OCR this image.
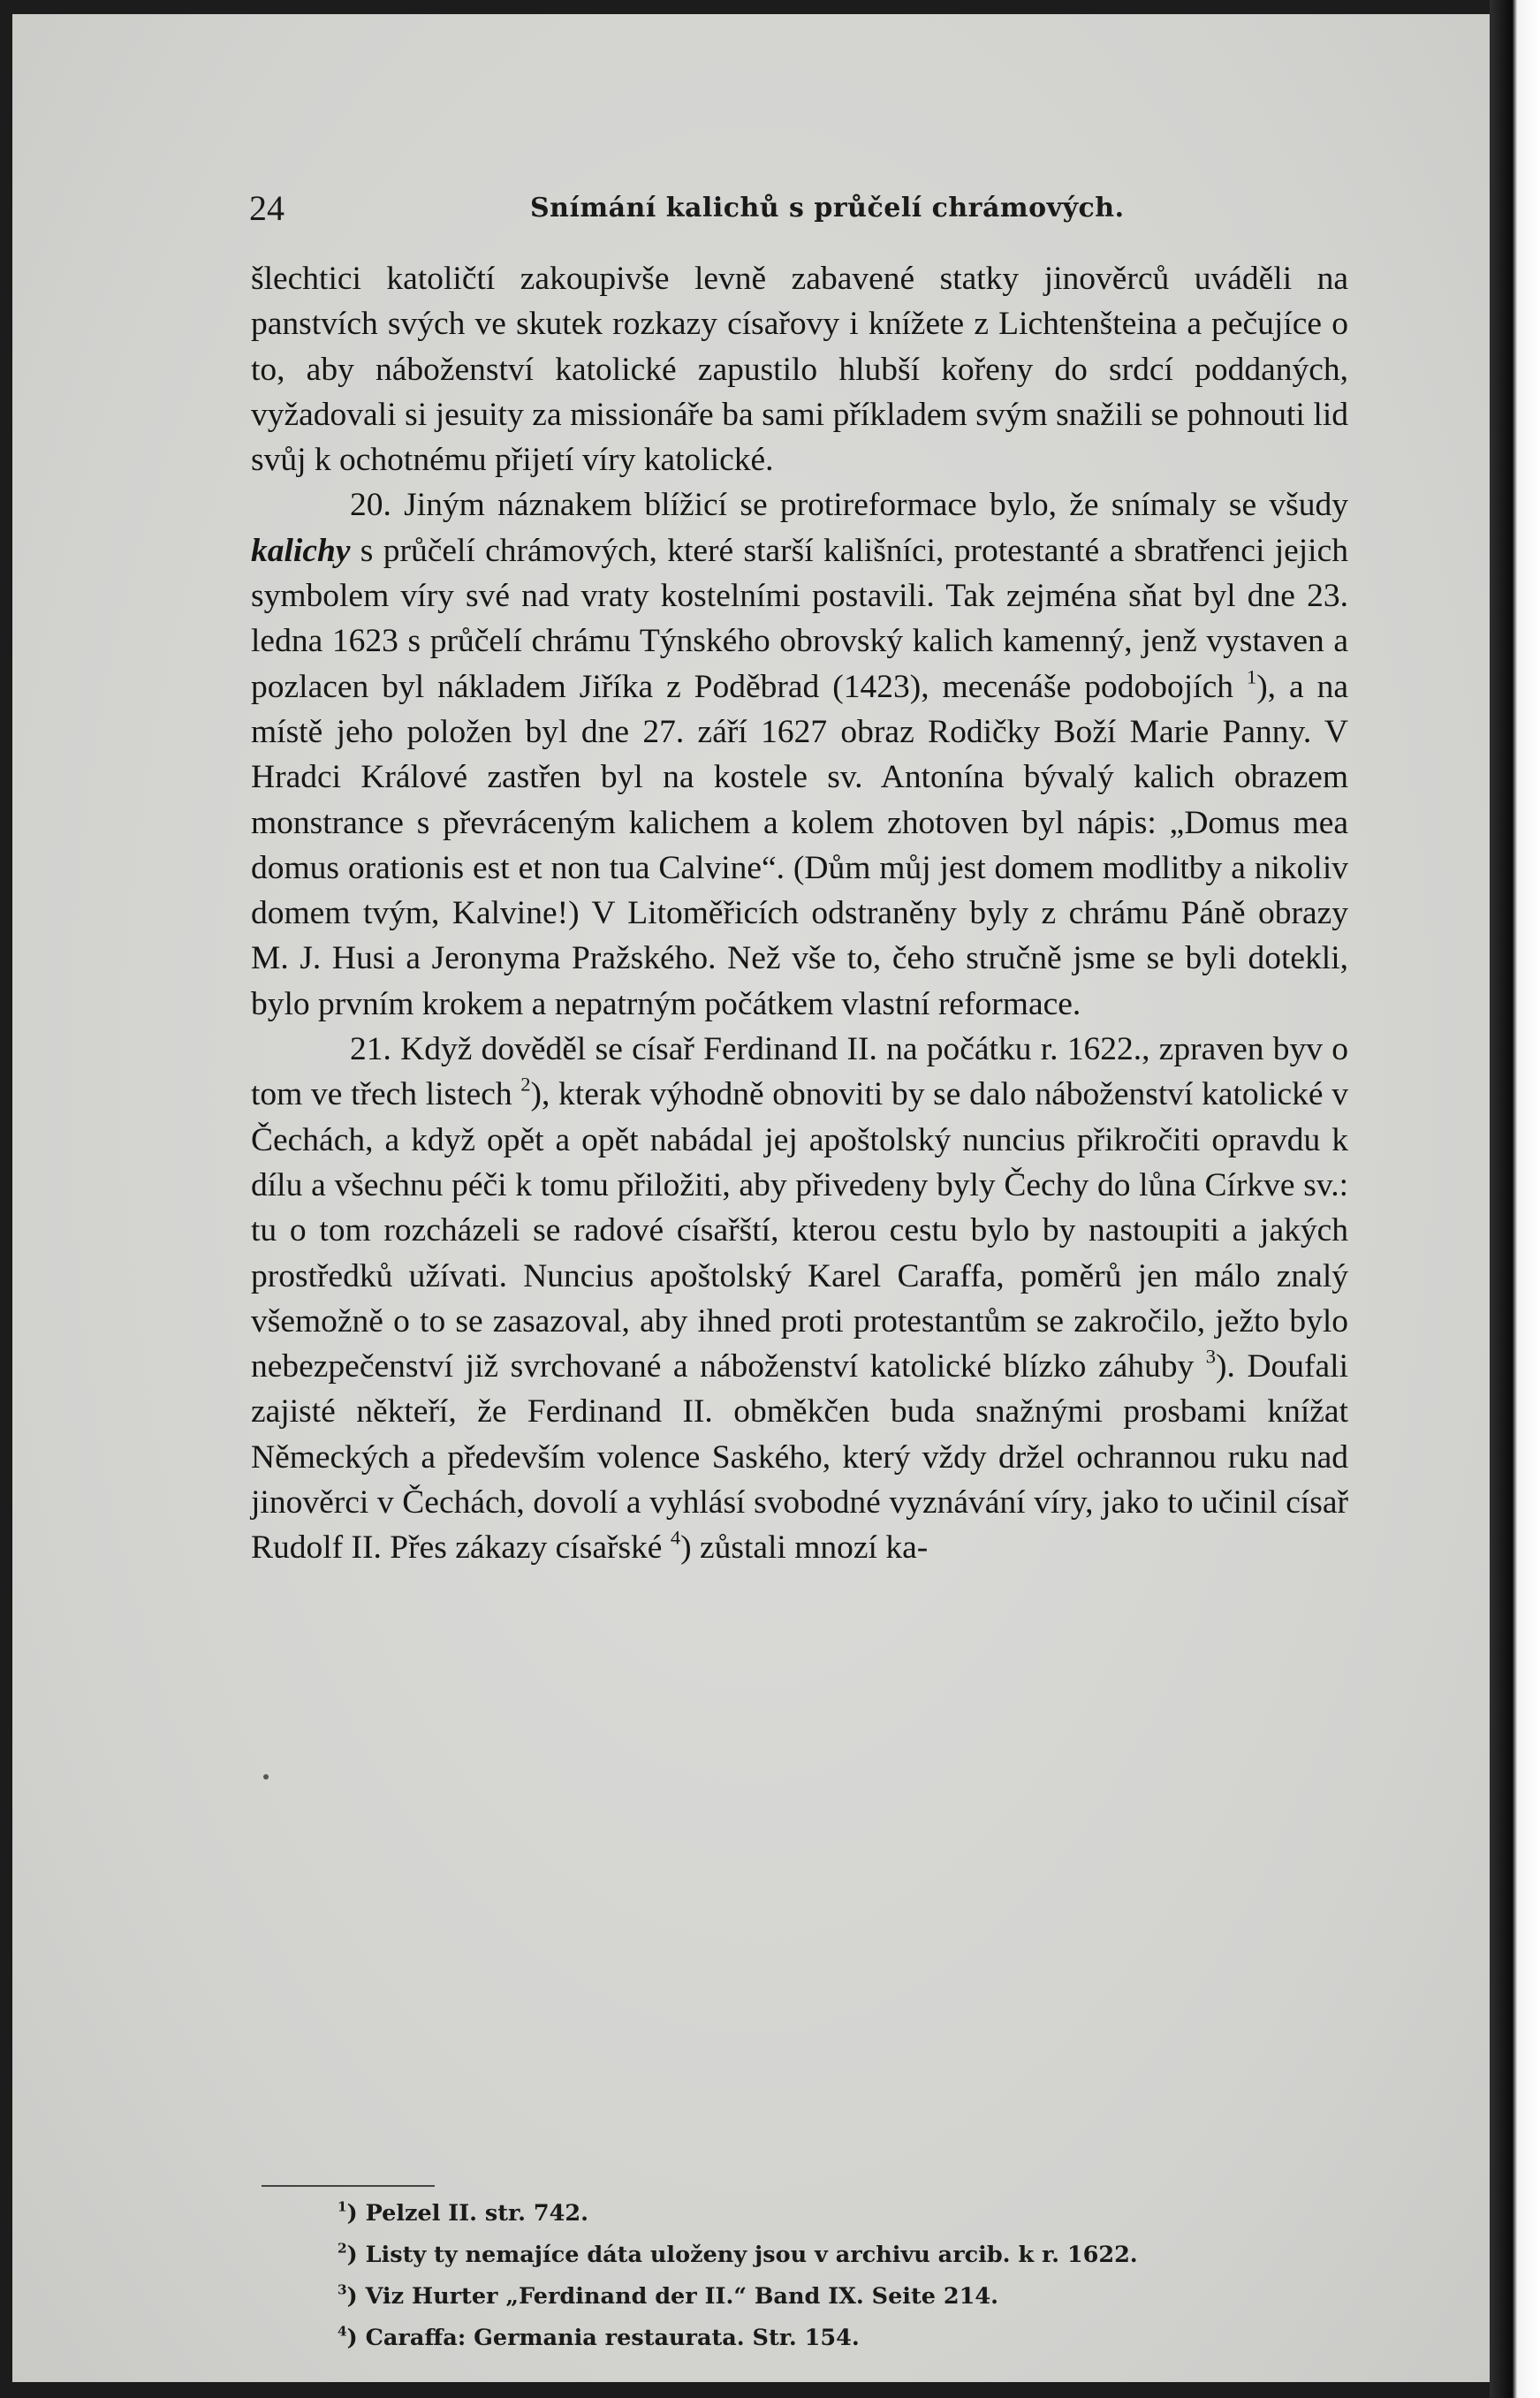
24	Snímání kalichů s průčelí chrámových.

šlechtici katoličtí zakoupivše levně zabavené statky jinověrců uváděli na panstvích svých ve skutek rozkazy císařovy i knížete z Lichtenšteina a pečujíce o to, aby náboženství katolické zapustilo hlubší kořeny do srdcí poddaných, vyžadovali si jesuity za missionáře ba sami příkladem svým snažili se pohnouti lid svůj k ochotnému přijetí víry katolické.

20. Jiným náznakem blížicí se protireformace bylo, že snímaly se všudy kalichy s průčelí chrámových, které starší kališníci, protestanté a sbratřenci jejich symbolem víry své nad vraty kostelními postavili. Tak zejména sňat byl dne 23. ledna 1623 s průčelí chrámu Týnského obrovský kalich kamenný, jenž vystaven a pozlacen byl nákladem Jiříka z Poděbrad (1423), mecenáše podobojích $^1$), a na místě jeho položen byl dne 27. září 1627 obraz Rodičky Boží Marie Panny. V Hradci Králové zastřen byl na kostele sv. Antonína bývalý kalich obrazem monstrance s převráceným kalichem a kolem zhotoven byl nápis: „Domus mea domus orationis est et non tua Calvine“. (Dům můj jest domem modlitby a nikoliv domem tvým, Kalvine!) V Litoměřicích odstraněny byly z chrámu Páně obrazy M. J. Husi a Jeronyma Pražského. Než vše to, čeho stručně jsme se byli dotekli, bylo prvním krokem a nepatrným počátkem vlastní reformace.

21. Když dověděl se císař Ferdinand II. na počátku r. 1622., zpraven byv o tom ve třech listech $^2$), kterak výhodně obnoviti by se dalo náboženství katolické v Čechách, a když opět a opět nabádal jej apoštolský nuncius přikročiti opravdu k dílu a všechnu péči k tomu přiložiti, aby přivedeny byly Čechy do lůna Církve sv.: tu o tom rozcházeli se radové císařští, kterou cestu bylo by nastoupiti a jakých prostředků užívati. Nuncius apoštolský Karel Caraffa, poměrů jen málo znalý všemožně o to se zasazoval, aby ihned proti protestantům se zakročilo, ježto bylo nebezpečenství již svrchované a náboženství katolické blízko záhuby $^3$). Doufali zajisté někteří, že Ferdinand II. obměkčen buda snažnými prosbami knížat Německých a především volence Saského, který vždy držel ochrannou ruku nad jinověrci v Čechách, dovolí a vyhlásí svobodné vyznávání víry, jako to učinil císař Rudolf II. Přes zákazy císařské $^4$) zůstali mnozí ka-

$^1$) Pelzel II. str. 742.
$^2$) Listy ty nemajíce dáta uloženy jsou v archivu arcib. k r. 1622.
$^3$) Viz Hurter „Ferdinand der II.“ Band IX. Seite 214.
$^4$) Caraffa: Germania restaurata. Str. 154.
